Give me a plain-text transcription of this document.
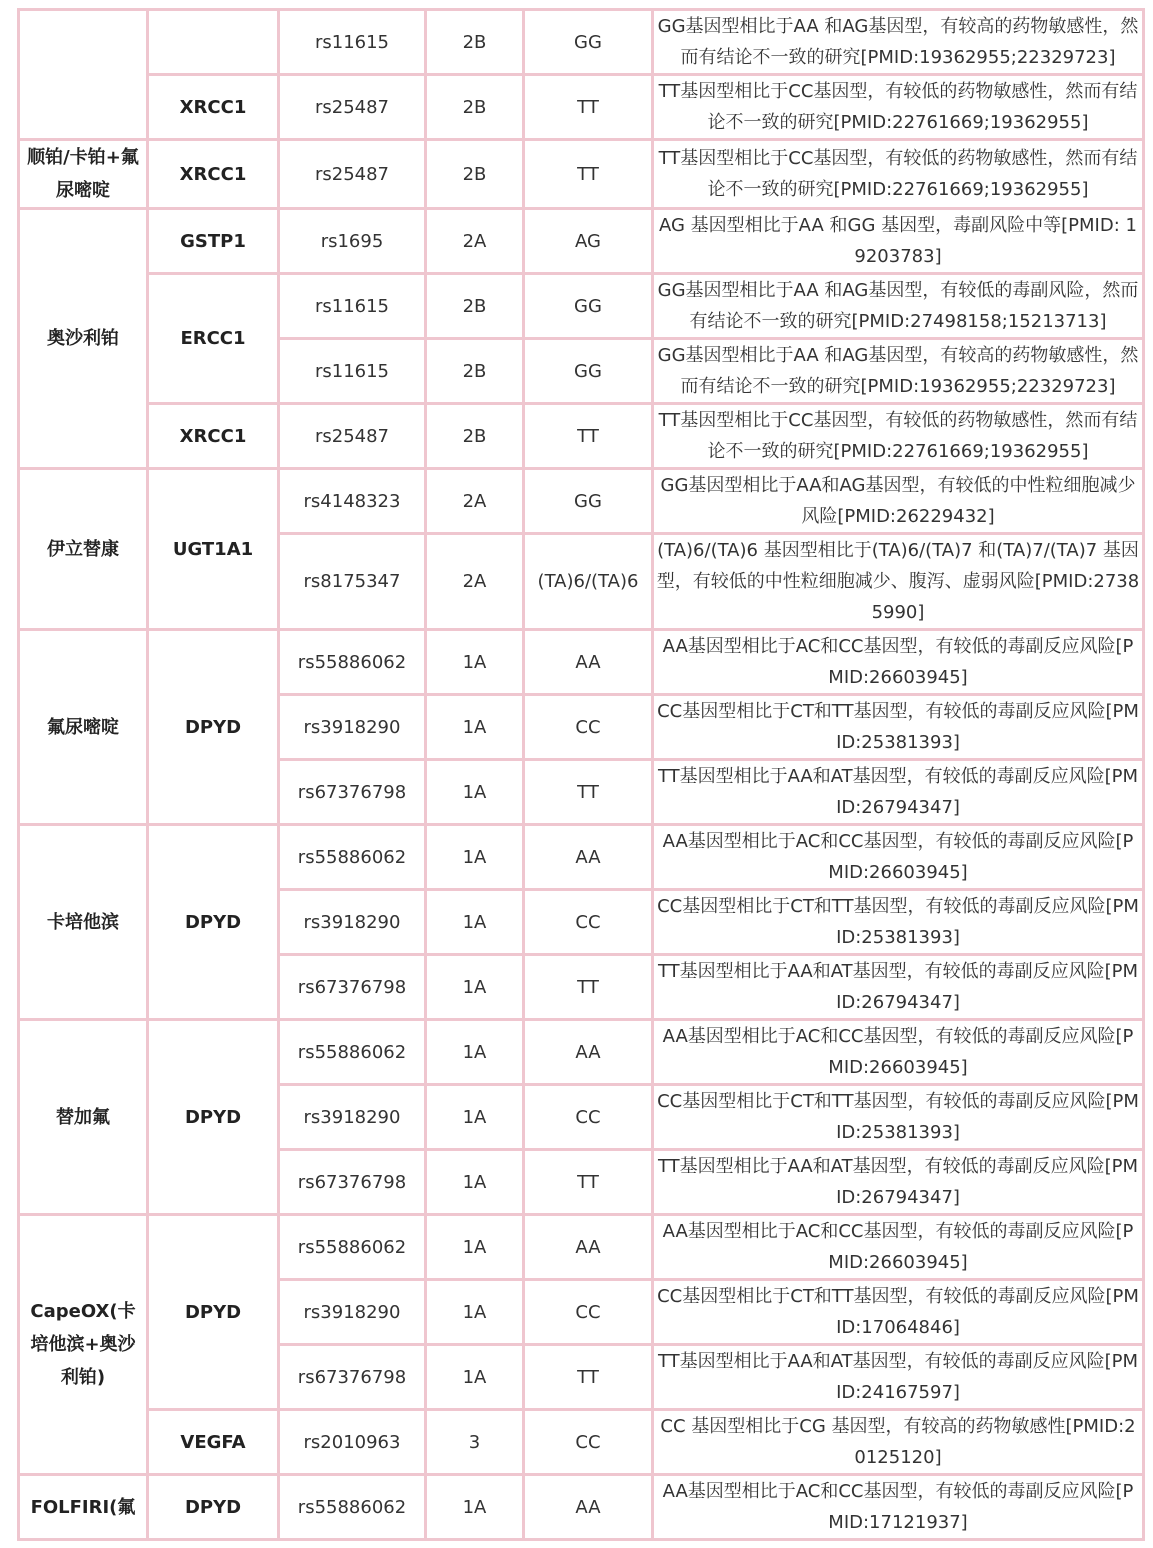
		rs11615	2B	GG	GG基因型相比于AA 和AG基因型，有较高的药物敏感性，然而有结论不一致的研究[PMID:19362955;22329723]
	XRCC1	rs25487	2B	TT	TT基因型相比于CC基因型，有较低的药物敏感性，然而有结论不一致的研究[PMID:22761669;19362955]
顺铂/卡铂+氟尿嘧啶	XRCC1	rs25487	2B	TT	TT基因型相比于CC基因型，有较低的药物敏感性，然而有结论不一致的研究[PMID:22761669;19362955]
奥沙利铂	GSTP1	rs1695	2A	AG	AG 基因型相比于AA 和GG 基因型，毒副风险中等[PMID: 19203783]
	ERCC1	rs11615	2B	GG	GG基因型相比于AA 和AG基因型，有较低的毒副风险，然而有结论不一致的研究[PMID:27498158;15213713]
		rs11615	2B	GG	GG基因型相比于AA 和AG基因型，有较高的药物敏感性，然而有结论不一致的研究[PMID:19362955;22329723]
	XRCC1	rs25487	2B	TT	TT基因型相比于CC基因型，有较低的药物敏感性，然而有结论不一致的研究[PMID:22761669;19362955]
伊立替康	UGT1A1	rs4148323	2A	GG	GG基因型相比于AA和AG基因型，有较低的中性粒细胞减少风险[PMID:26229432]
		rs8175347	2A	(TA)6/(TA)6	(TA)6/(TA)6 基因型相比于(TA)6/(TA)7 和(TA)7/(TA)7 基因型，有较低的中性粒细胞减少、腹泻、虚弱风险[PMID:27385990]
氟尿嘧啶	DPYD	rs55886062	1A	AA	AA基因型相比于AC和CC基因型，有较低的毒副反应风险[PMID:26603945]
		rs3918290	1A	CC	CC基因型相比于CT和TT基因型，有较低的毒副反应风险[PMID:25381393]
		rs67376798	1A	TT	TT基因型相比于AA和AT基因型，有较低的毒副反应风险[PMID:26794347]
卡培他滨	DPYD	rs55886062	1A	AA	AA基因型相比于AC和CC基因型，有较低的毒副反应风险[PMID:26603945]
		rs3918290	1A	CC	CC基因型相比于CT和TT基因型，有较低的毒副反应风险[PMID:25381393]
		rs67376798	1A	TT	TT基因型相比于AA和AT基因型，有较低的毒副反应风险[PMID:26794347]
替加氟	DPYD	rs55886062	1A	AA	AA基因型相比于AC和CC基因型，有较低的毒副反应风险[PMID:26603945]
		rs3918290	1A	CC	CC基因型相比于CT和TT基因型，有较低的毒副反应风险[PMID:25381393]
		rs67376798	1A	TT	TT基因型相比于AA和AT基因型，有较低的毒副反应风险[PMID:26794347]
CapeOX(卡培他滨+奥沙利铂)	DPYD	rs55886062	1A	AA	AA基因型相比于AC和CC基因型，有较低的毒副反应风险[PMID:26603945]
		rs3918290	1A	CC	CC基因型相比于CT和TT基因型，有较低的毒副反应风险[PMID:17064846]
		rs67376798	1A	TT	TT基因型相比于AA和AT基因型，有较低的毒副反应风险[PMID:24167597]
	VEGFA	rs2010963	3	CC	CC 基因型相比于CG 基因型，有较高的药物敏感性[PMID:20125120]
FOLFIRI(氟	DPYD	rs55886062	1A	AA	AA基因型相比于AC和CC基因型，有较低的毒副反应风险[PMID:17121937]
